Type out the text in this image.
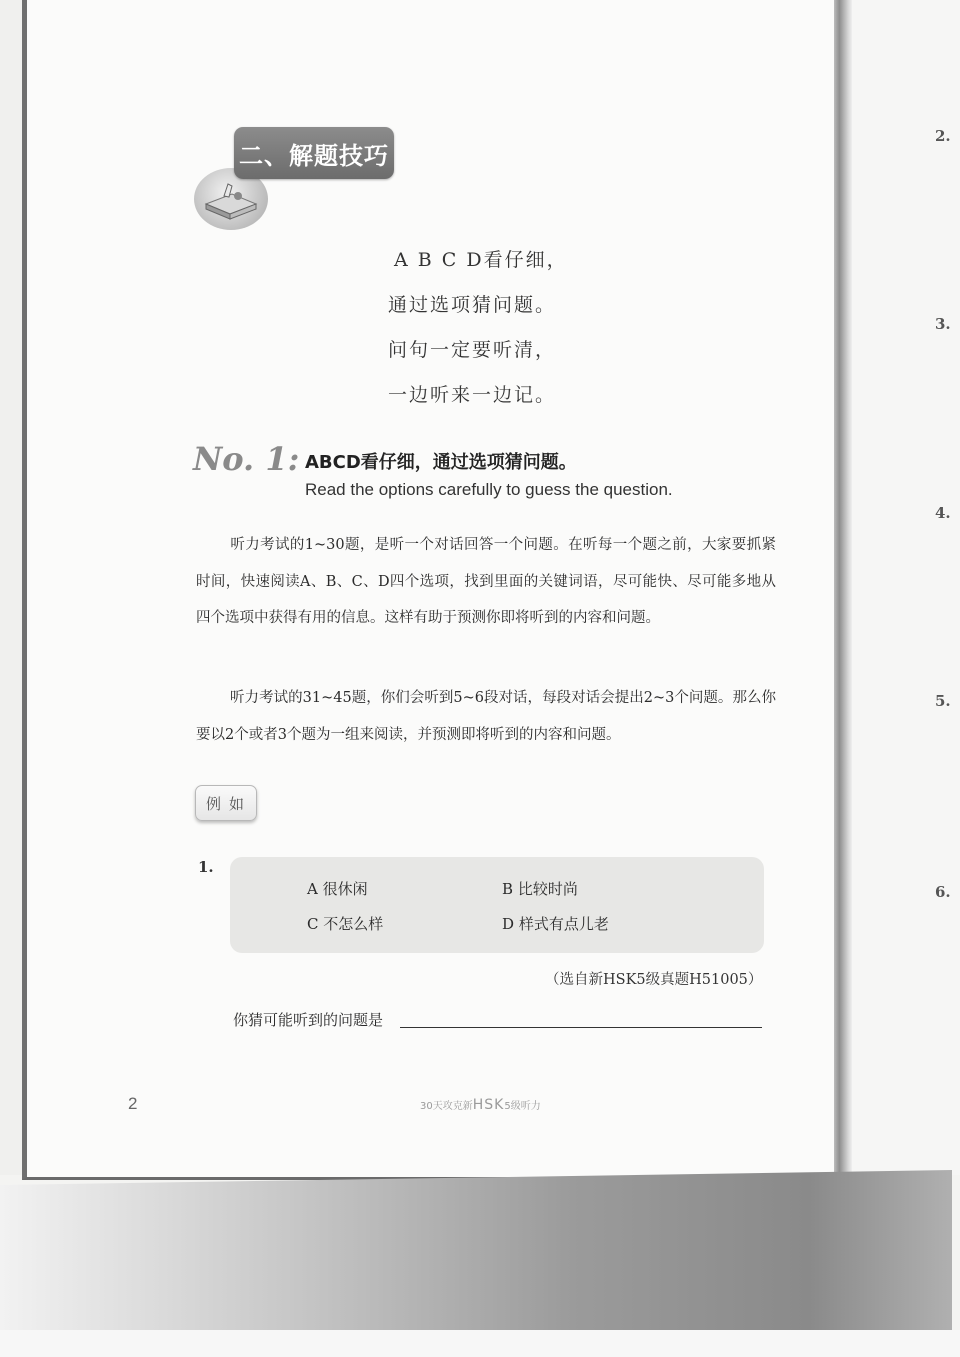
2.
3.
4.
5.
6.
二、解题技巧
A B C D看仔细，
通过选项猜问题。
问句一定要听清，
一边听来一边记。
No. 1: ABCD看仔细，通过选项猜问题。
Read the options carefully to guess the question.
听力考试的1~30题，是听一个对话回答一个问题。在听每一个题之前，大家要抓紧时间，快速阅读A、B、C、D四个选项，找到里面的关键词语，尽可能快、尽可能多地从四个选项中获得有用的信息。这样有助于预测你即将听到的内容和问题。
听力考试的31~45题，你们会听到5~6段对话，每段对话会提出2~3个问题。那么你要以2个或者3个题为一组来阅读，并预测即将听到的内容和问题。
例如
1.
A 很休闲	B 比较时尚
C 不怎么样	D 样式有点儿老
（选自新HSK5级真题H51005）
你猜可能听到的问题是
2	30天攻克新HSK5级听力
